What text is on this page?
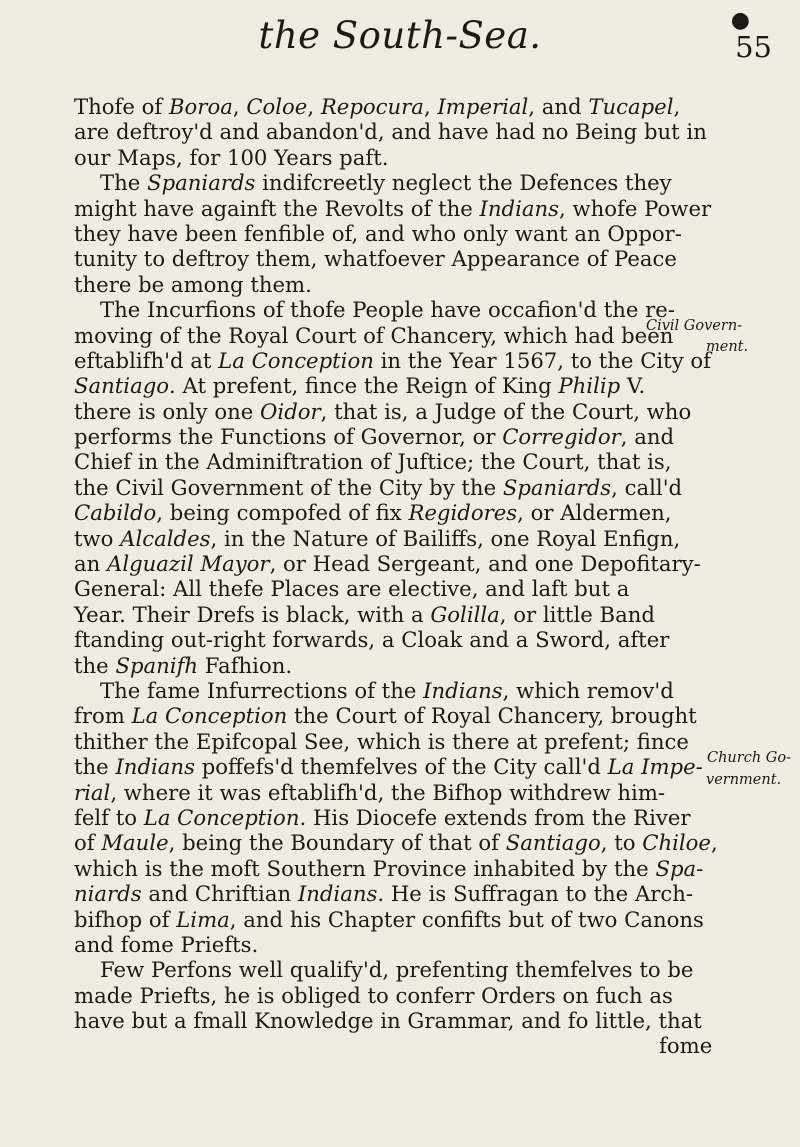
the South-Sea.	●
55
Civil Govern-
ment.
Church Go-
vernment.
Thofe of Boroa, Coloe, Repocura, Imperial, and Tucapel,
are deftroy'd and abandon'd, and have had no Being but in
our Maps, for 100 Years paft.
The Spaniards indifcreetly neglect the Defences they
might have againft the Revolts of the Indians, whofe Power
they have been fenfible of, and who only want an Oppor-
tunity to deftroy them, whatfoever Appearance of Peace
there be among them.
The Incurfions of thofe People have occafion'd the re-
moving of the Royal Court of Chancery, which had been
eftablifh'd at La Conception in the Year 1567, to the City of
Santiago. At prefent, fince the Reign of King Philip V.
there is only one Oidor, that is, a Judge of the Court, who
performs the Functions of Governor, or Corregidor, and
Chief in the Adminiftration of Juftice; the Court, that is,
the Civil Government of the City by the Spaniards, call'd
Cabildo, being compofed of fix Regidores, or Aldermen,
two Alcaldes, in the Nature of Bailiffs, one Royal Enfign,
an Alguazil Mayor, or Head Sergeant, and one Depofitary-
General: All thefe Places are elective, and laft but a
Year. Their Drefs is black, with a Golilla, or little Band
ftanding out-right forwards, a Cloak and a Sword, after
the Spanifh Fafhion.
The fame Infurrections of the Indians, which remov'd
from La Conception the Court of Royal Chancery, brought
thither the Epifcopal See, which is there at prefent; fince
the Indians poffefs'd themfelves of the City call'd La Impe-
rial, where it was eftablifh'd, the Bifhop withdrew him-
felf to La Conception. His Diocefe extends from the River
of Maule, being the Boundary of that of Santiago, to Chiloe,
which is the moft Southern Province inhabited by the Spa-
niards and Chriftian Indians. He is Suffragan to the Arch-
bifhop of Lima, and his Chapter confifts but of two Canons
and fome Priefts.
Few Perfons well qualify'd, prefenting themfelves to be
made Priefts, he is obliged to conferr Orders on fuch as
have but a fmall Knowledge in Grammar, and fo little, that
fome
